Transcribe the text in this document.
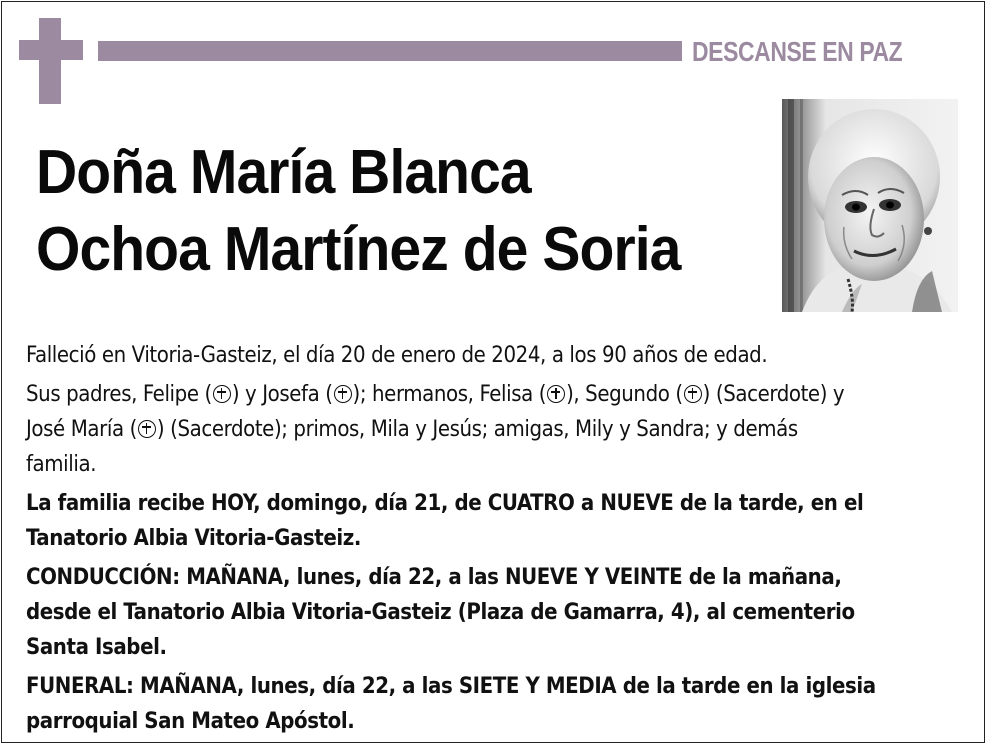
DESCANSE EN PAZ
Doña María Blanca
Ochoa Martínez de Soria

Falleció en Vitoria-Gasteiz, el día 20 de enero de 2024, a los 90 años de edad.

Sus padres, Felipe ( ) y Josefa ( ); hermanos, Felisa ( ), Segundo ( ) (Sacerdote) y
José María ( ) (Sacerdote); primos, Mila y Jesús; amigas, Mily y Sandra; y demás
familia.

La familia recibe HOY, domingo, día 21, de CUATRO a NUEVE de la tarde, en el
Tanatorio Albia Vitoria-Gasteiz.

CONDUCCIÓN: MAÑANA, lunes, día 22, a las NUEVE Y VEINTE de la mañana,
desde el Tanatorio Albia Vitoria-Gasteiz (Plaza de Gamarra, 4), al cementerio
Santa Isabel.

FUNERAL: MAÑANA, lunes, día 22, a las SIETE Y MEDIA de la tarde en la iglesia
parroquial San Mateo Apóstol.
